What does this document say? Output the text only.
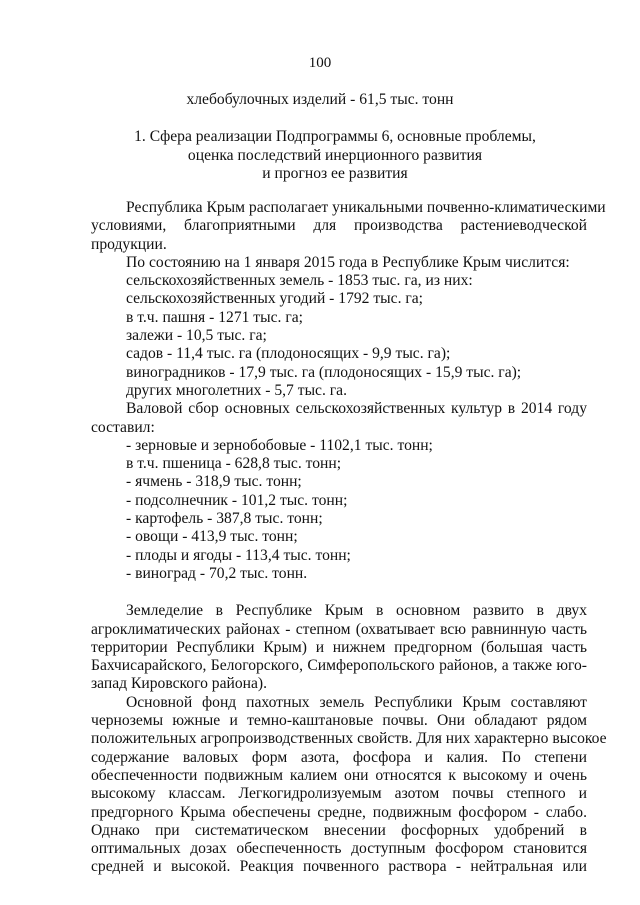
100
хлебобулочных изделий - 61,5 тыс. тонн
1. Сфера реализации Подпрограммы 6, основные проблемы,
оценка последствий инерционного развития
и прогноз ее развития
Республика Крым располагает уникальными почвенно-климатическими
условиями, благоприятными для производства растениеводческой
продукции.
По состоянию на 1 января 2015 года в Республике Крым числится:
сельскохозяйственных земель - 1853 тыс. га, из них:
сельскохозяйственных угодий - 1792 тыс. га;
в т.ч. пашня - 1271 тыс. га;
залежи - 10,5 тыс. га;
садов - 11,4 тыс. га (плодоносящих - 9,9 тыс. га);
виноградников - 17,9 тыс. га (плодоносящих - 15,9 тыс. га);
других многолетних - 5,7 тыс. га.
Валовой сбор основных сельскохозяйственных культур в 2014 году
составил:
- зерновые и зернобобовые - 1102,1 тыс. тонн;
в т.ч. пшеница - 628,8 тыс. тонн;
- ячмень - 318,9 тыс. тонн;
- подсолнечник - 101,2 тыс. тонн;
- картофель - 387,8 тыс. тонн;
- овощи - 413,9 тыс. тонн;
- плоды и ягоды - 113,4 тыс. тонн;
- виноград - 70,2 тыс. тонн.
Земледелие в Республике Крым в основном развито в двух
агроклиматических районах - степном (охватывает всю равнинную часть
территории Республики Крым) и нижнем предгорном (большая часть
Бахчисарайского, Белогорского, Симферопольского районов, а также юго-
запад Кировского района).
Основной фонд пахотных земель Республики Крым составляют
черноземы южные и темно-каштановые почвы. Они обладают рядом
положительных агропроизводственных свойств. Для них характерно высокое
содержание валовых форм азота, фосфора и калия. По степени
обеспеченности подвижным калием они относятся к высокому и очень
высокому классам. Легкогидролизуемым азотом почвы степного и
предгорного Крыма обеспечены средне, подвижным фосфором - слабо.
Однако при систематическом внесении фосфорных удобрений в
оптимальных дозах обеспеченность доступным фосфором становится
средней и высокой. Реакция почвенного раствора - нейтральная или
